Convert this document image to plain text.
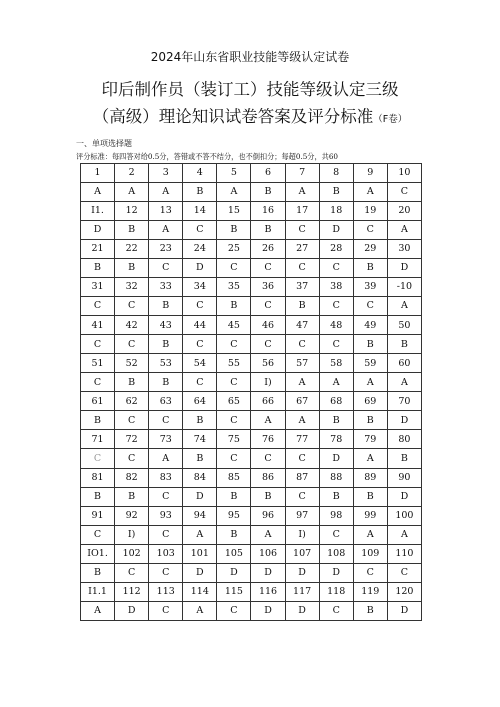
2024年山东省职业技能等级认定试卷
印后制作员（装订工）技能等级认定三级
（高级）理论知识试卷答案及评分标准（F卷）
一、单项选择题
评分标准：每四答对给0.5分，答错或不答不结分，也不倒扣分；每超0.5分，共60
1	2	3	4	5	6	7	8	9	10
A	A	A	B	A	B	A	B	A	C
I1.	12	13	14	15	16	17	18	19	20
D	B	A	C	B	B	C	D	C	A
21	22	23	24	25	26	27	28	29	30
B	B	C	D	C	C	C	C	B	D
31	32	33	34	35	36	37	38	39	-10
C	C	B	C	B	C	B	C	C	A
41	42	43	44	45	46	47	48	49	50
C	C	B	C	C	C	C	C	B	B
51	52	53	54	55	56	57	58	59	60
C	B	B	C	C	I)	A	A	A	A
61	62	63	64	65	66	67	68	69	70
B	C	C	B	C	A	A	B	B	D
71	72	73	74	75	76	77	78	79	80
C	C	A	B	C	C	C	D	A	B
81	82	83	84	85	86	87	88	89	90
B	B	C	D	B	B	C	B	B	D
91	92	93	94	95	96	97	98	99	100
C	I)	C	A	B	A	I)	C	A	A
IO1.	102	103	101	105	106	107	108	109	110
B	C	C	D	D	D	D	D	C	C
I1.1	112	113	114	115	116	117	118	119	120
A	D	C	A	C	D	D	C	B	D
